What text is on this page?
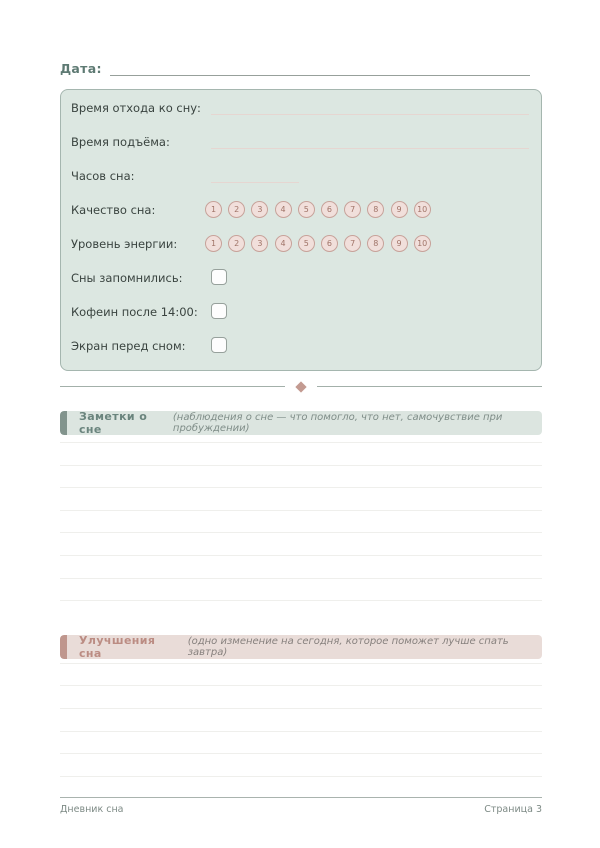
Дата:
Время отхода ко сну:
Время подъёма:
Часов сна:
Качество сна:	1	2	3	4	5	6	7	8	9	10
Уровень энергии:	1	2	3	4	5	6	7	8	9	10
Сны запомнились:
Кофеин после 14:00:
Экран перед сном:
Заметки о сне
(наблюдения о сне — что помогло, что нет, самочувствие при пробуждении)
Улучшения сна
(одно изменение на сегодня, которое поможет лучше спать завтра)
Дневник сна	Страница 3
